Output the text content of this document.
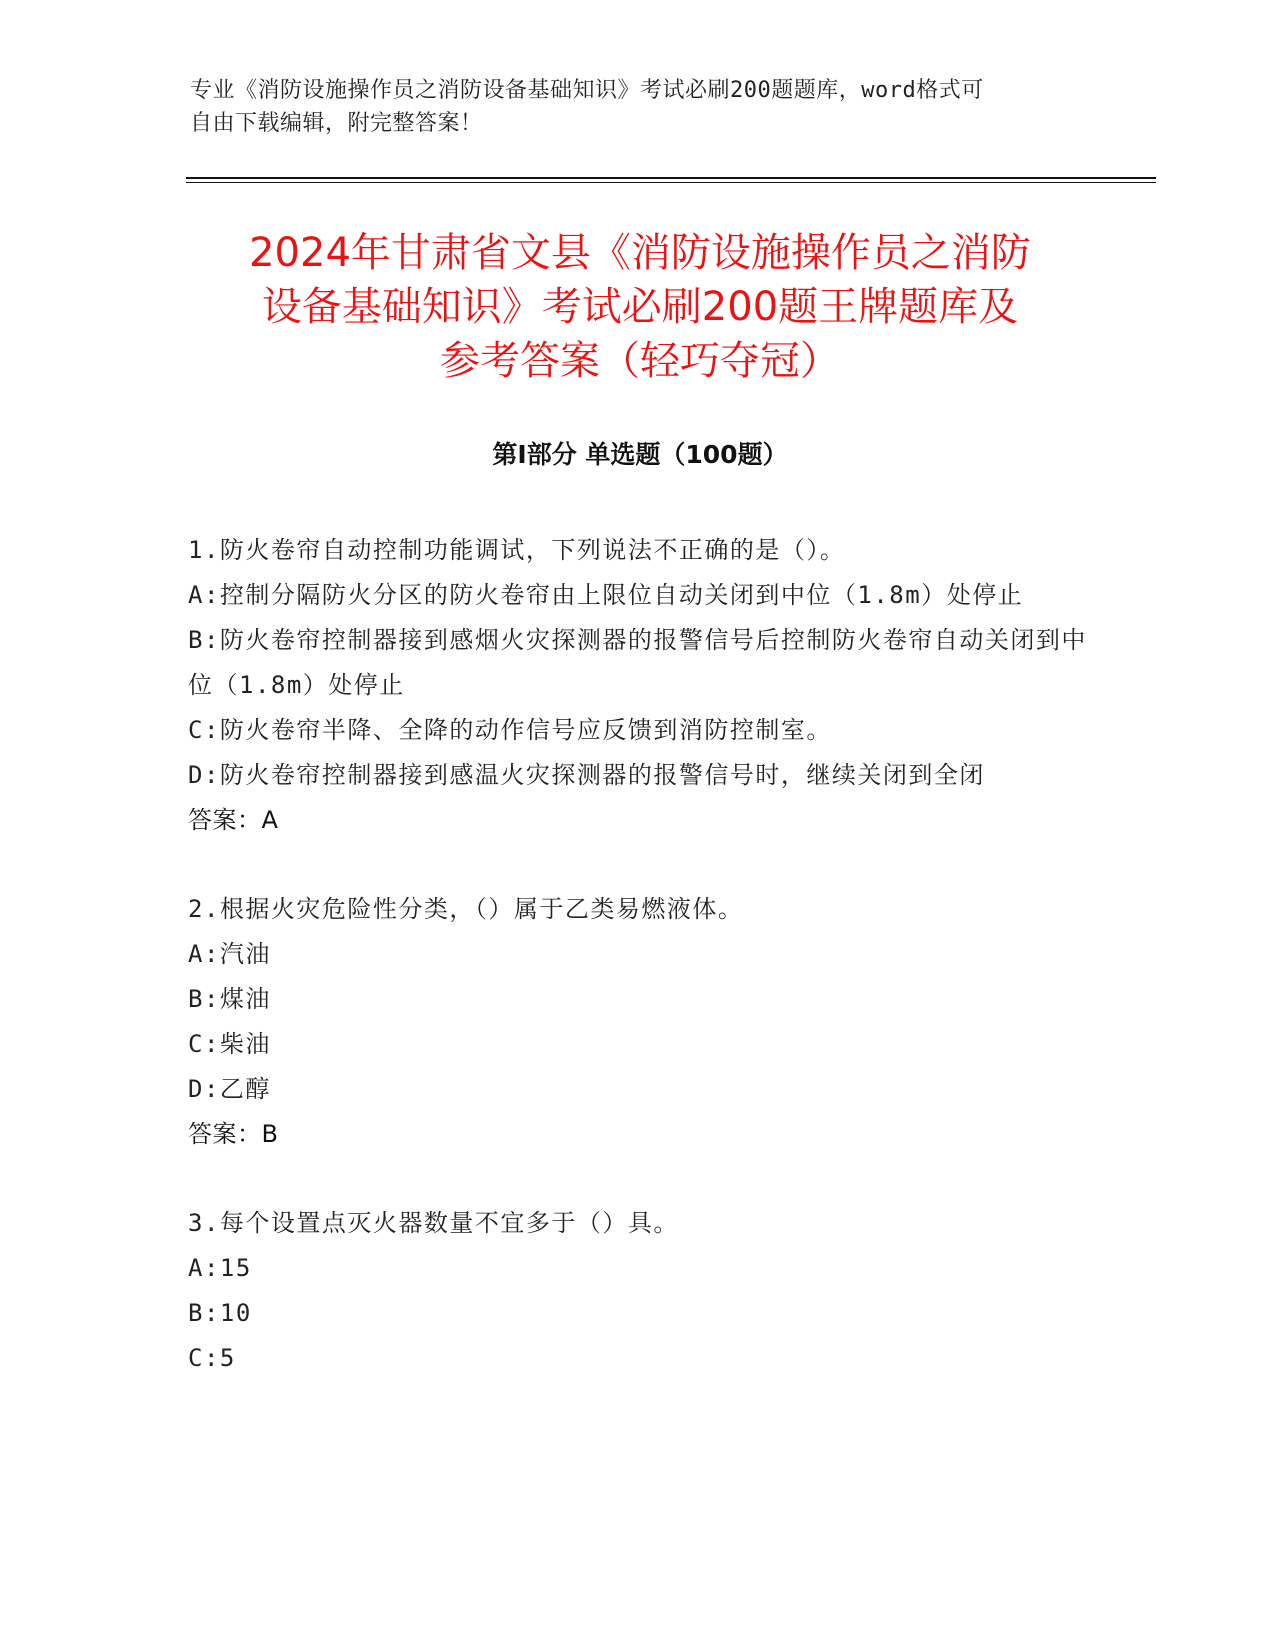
专业《消防设施操作员之消防设备基础知识》考试必刷200题题库，word格式可
自由下载编辑，附完整答案！
2024年甘肃省文县《消防设施操作员之消防
设备基础知识》考试必刷200题王牌题库及
参考答案（轻巧夺冠）
第Ⅰ部分 单选题（100题）

1.防火卷帘自动控制功能调试，下列说法不正确的是（）。

A:控制分隔防火分区的防火卷帘由上限位自动关闭到中位（1.8m）处停止

B:防火卷帘控制器接到感烟火灾探测器的报警信号后控制防火卷帘自动关闭到中位（1.8m）处停止

C:防火卷帘半降、全降的动作信号应反馈到消防控制室。

D:防火卷帘控制器接到感温火灾探测器的报警信号时，继续关闭到全闭

答案：A

2.根据火灾危险性分类，（）属于乙类易燃液体。

A:汽油

B:煤油

C:柴油

D:乙醇

答案：B

3.每个设置点灭火器数量不宜多于（）具。

A:15

B:10

C:5
